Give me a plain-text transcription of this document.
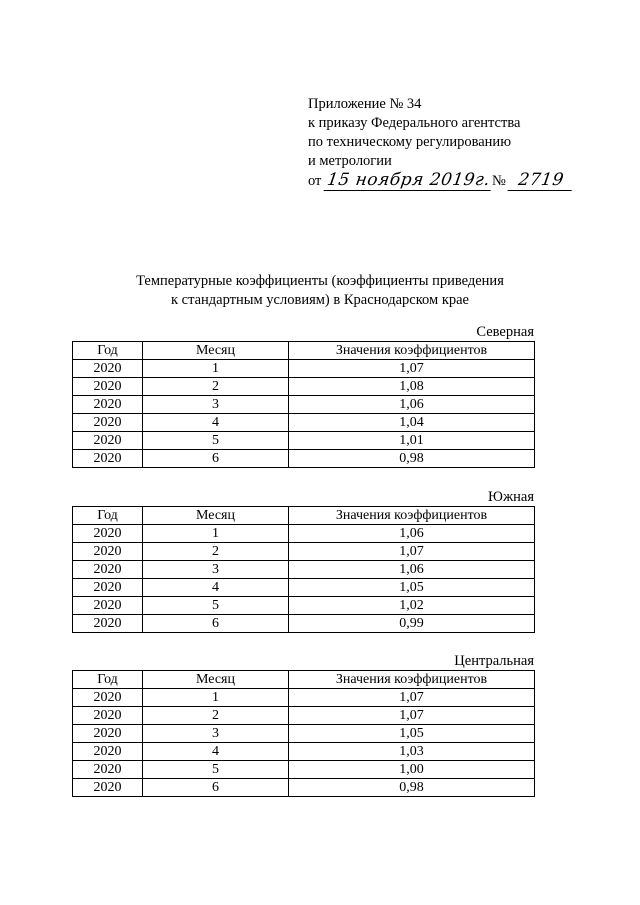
Приложение № 34
к приказу Федерального агентства
по техническому регулированию
и метрологии
от 15 ноября 2019г.№ 2719
Температурные коэффициенты (коэффициенты приведения
к стандартным условиям) в Краснодарском крае
Северная
Год	Месяц	Значения коэффициентов
2020	1	1,07
2020	2	1,08
2020	3	1,06
2020	4	1,04
2020	5	1,01
2020	6	0,98
Южная
Год	Месяц	Значения коэффициентов
2020	1	1,06
2020	2	1,07
2020	3	1,06
2020	4	1,05
2020	5	1,02
2020	6	0,99
Центральная
Год	Месяц	Значения коэффициентов
2020	1	1,07
2020	2	1,07
2020	3	1,05
2020	4	1,03
2020	5	1,00
2020	6	0,98
